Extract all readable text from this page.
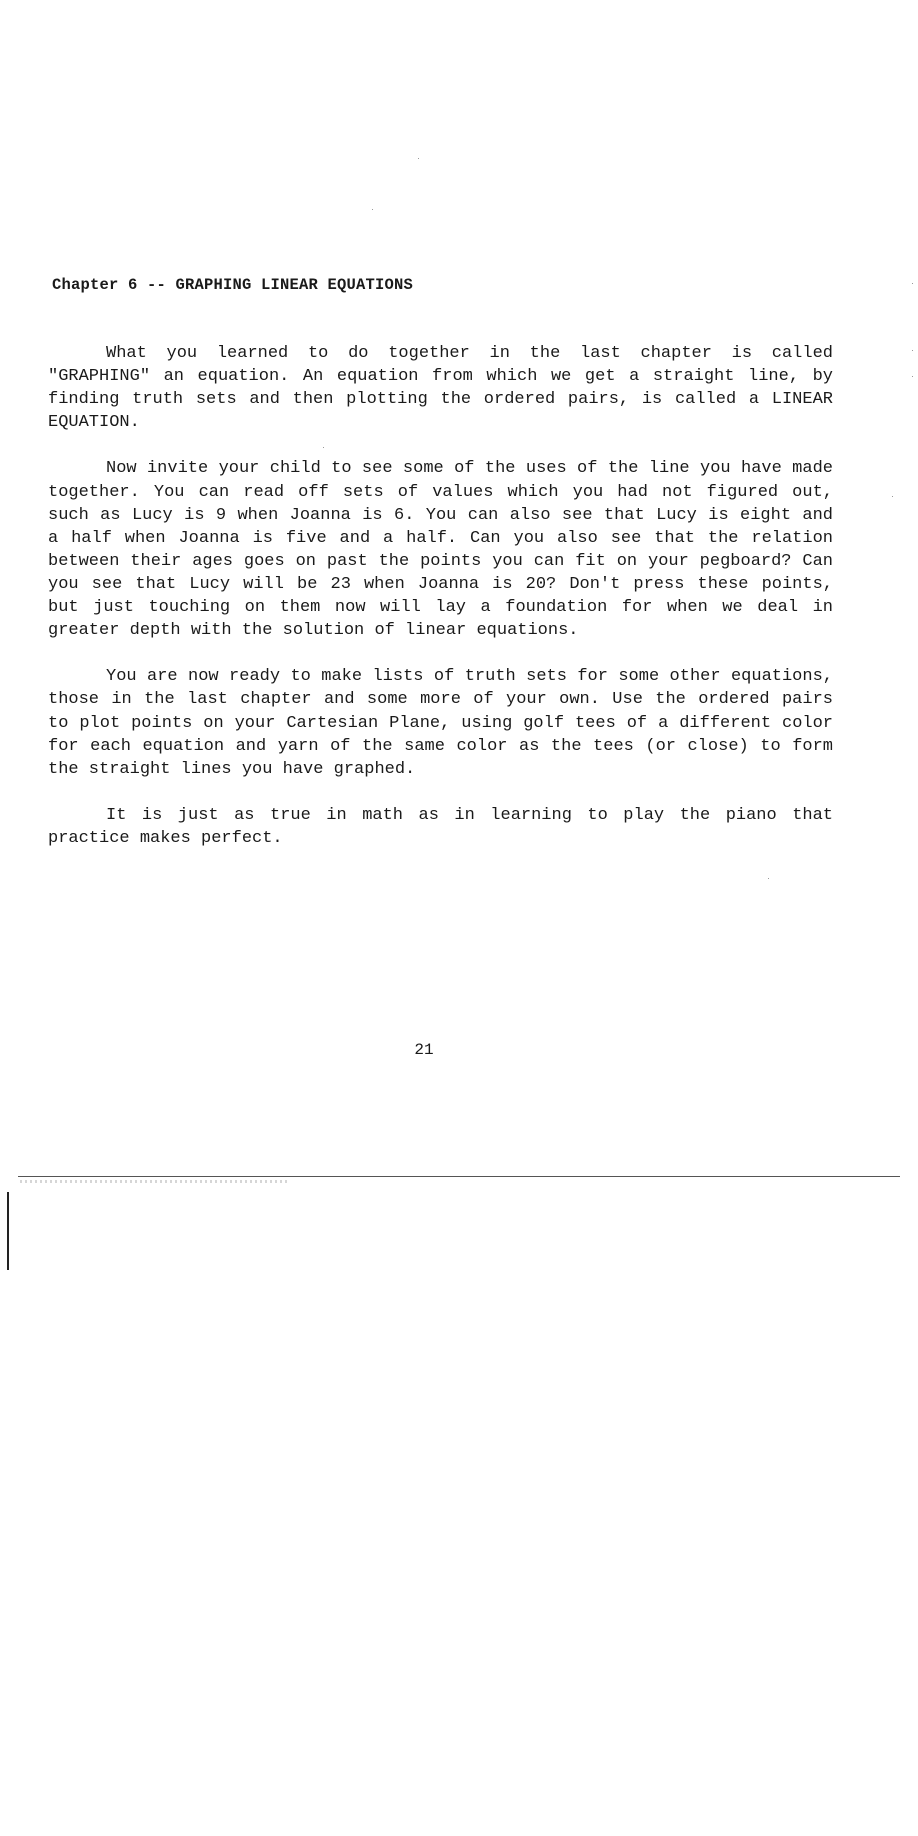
Chapter 6 -- GRAPHING LINEAR EQUATIONS

What you learned to do together in the last chapter is called "GRAPHING" an equation. An equation from which we get a straight line, by finding truth sets and then plotting the ordered pairs, is called a LINEAR EQUATION.

Now invite your child to see some of the uses of the line you have made together. You can read off sets of values which you had not figured out, such as Lucy is 9 when Joanna is 6. You can also see that Lucy is eight and a half when Joanna is five and a half. Can you also see that the relation between their ages goes on past the points you can fit on your pegboard? Can you see that Lucy will be 23 when Joanna is 20? Don't press these points, but just touching on them now will lay a foundation for when we deal in greater depth with the solution of linear equations.

You are now ready to make lists of truth sets for some other equations, those in the last chapter and some more of your own. Use the ordered pairs to plot points on your Cartesian Plane, using golf tees of a different color for each equation and yarn of the same color as the tees (or close) to form the straight lines you have graphed.

It is just as true in math as in learning to play the piano that practice makes perfect.

21
